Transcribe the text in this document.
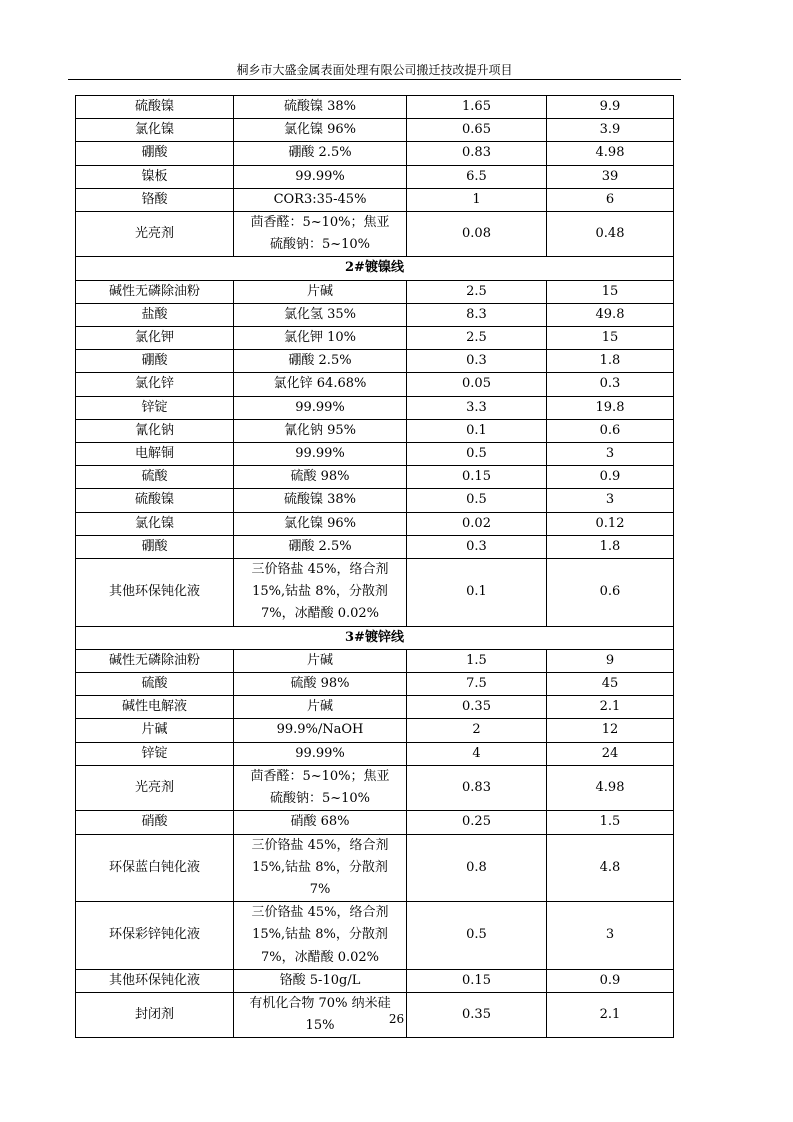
桐乡市大盛金属表面处理有限公司搬迁技改提升项目
硫酸镍	硫酸镍 38%	1.65	9.9
氯化镍	氯化镍 96%	0.65	3.9
硼酸	硼酸 2.5%	0.83	4.98
镍板	99.99%	6.5	39
铬酸	COR3:35-45%	1	6
光亮剂	茴香醛：5~10%；焦亚硫酸钠：5~10%	0.08	0.48
2#镀镍线			
碱性无磷除油粉	片碱	2.5	15
盐酸	氯化氢 35%	8.3	49.8
氯化钾	氯化钾 10%	2.5	15
硼酸	硼酸 2.5%	0.3	1.8
氯化锌	氯化锌 64.68%	0.05	0.3
锌锭	99.99%	3.3	19.8
氰化钠	氰化钠 95%	0.1	0.6
电解铜	99.99%	0.5	3
硫酸	硫酸 98%	0.15	0.9
硫酸镍	硫酸镍 38%	0.5	3
氯化镍	氯化镍 96%	0.02	0.12
硼酸	硼酸 2.5%	0.3	1.8
其他环保钝化液	三价铬盐 45%，络合剂 15%,钴盐 8%，分散剂 7%，冰醋酸 0.02%	0.1	0.6
3#镀锌线			
碱性无磷除油粉	片碱	1.5	9
硫酸	硫酸 98%	7.5	45
碱性电解液	片碱	0.35	2.1
片碱	99.9%/NaOH	2	12
锌锭	99.99%	4	24
光亮剂	茴香醛：5~10%；焦亚硫酸钠：5~10%	0.83	4.98
硝酸	硝酸 68%	0.25	1.5
环保蓝白钝化液	三价铬盐 45%，络合剂 15%,钴盐 8%，分散剂 7%	0.8	4.8
环保彩锌钝化液	三价铬盐 45%，络合剂 15%,钴盐 8%，分散剂 7%，冰醋酸 0.02%	0.5	3
其他环保钝化液	铬酸 5-10g/L	0.15	0.9
封闭剂	有机化合物 70% 纳米硅 15%	0.35	2.1
26
